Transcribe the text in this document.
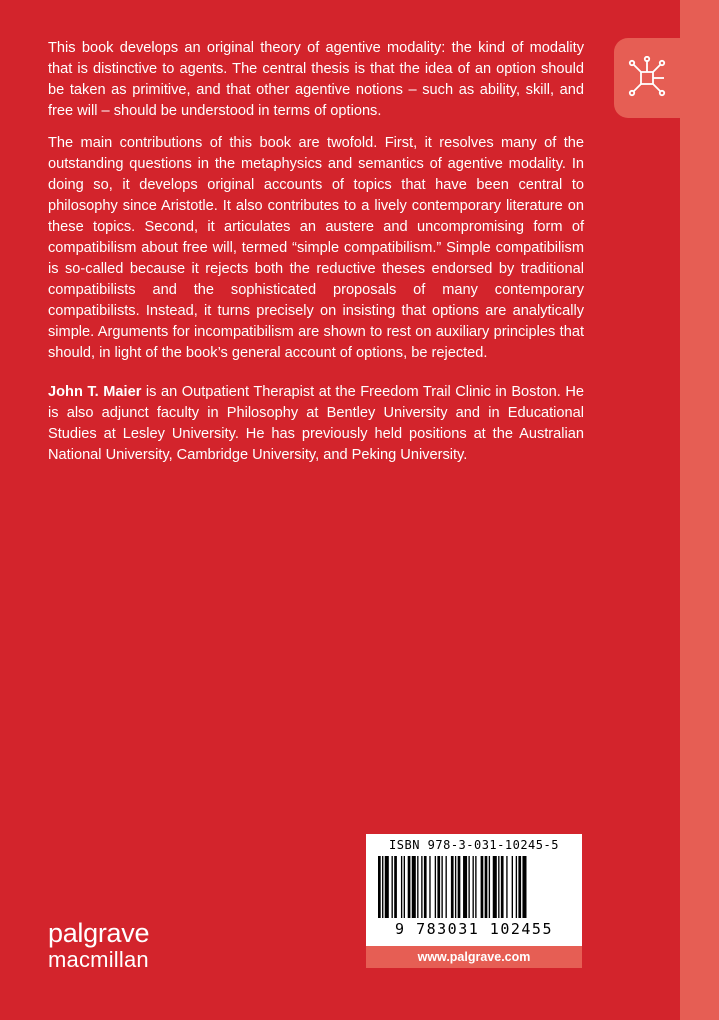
This book develops an original theory of agentive modality: the kind of modality that is distinctive to agents. The central thesis is that the idea of an option should be taken as primitive, and that other agentive notions – such as ability, skill, and free will – should be understood in terms of options.

The main contributions of this book are twofold. First, it resolves many of the outstanding questions in the metaphysics and semantics of agentive modality. In doing so, it develops original accounts of topics that have been central to philosophy since Aristotle. It also contributes to a lively contemporary literature on these topics. Second, it articulates an austere and uncompromising form of compatibilism about free will, termed “simple compatibilism.” Simple compatibilism is so-called because it rejects both the reductive theses endorsed by traditional compatibilists and the sophisticated proposals of many contemporary compatibilists. Instead, it turns precisely on insisting that options are analytically simple. Arguments for incompatibilism are shown to rest on auxiliary principles that should, in light of the book’s general account of options, be rejected.

John T. Maier is an Outpatient Therapist at the Freedom Trail Clinic in Boston. He is also adjunct faculty in Philosophy at Bentley University and in Educational Studies at Lesley University. He has previously held positions at the Australian National University, Cambridge University, and Peking University.

ISBN 978-3-031-10245-5
9 783031 102455
www.palgrave.com
palgrave
macmillan
